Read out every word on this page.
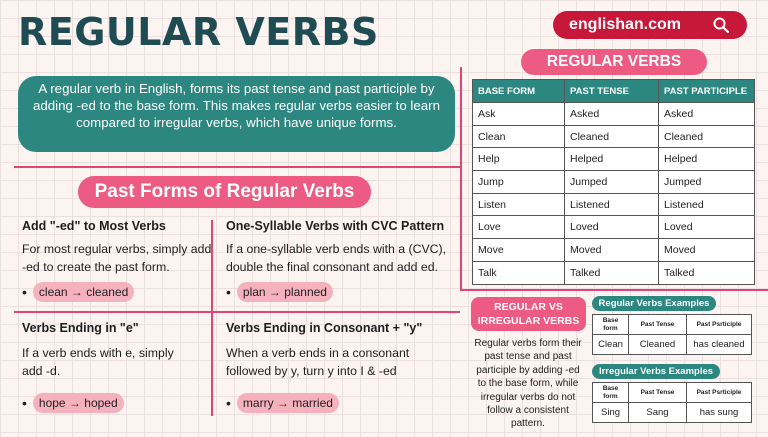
REGULAR VERBS	englishan.com
A regular verb in English, forms its past tense and past participle by adding -ed to the base form. This makes regular verbs easier to learn compared to irregular verbs, which have unique forms.
Past Forms of Regular Verbs
Add "-ed" to Most Verbs
For most regular verbs, simply add -ed to create the past form.
•	clean → cleaned
One-Syllable Verbs with CVC Pattern
If a one-syllable verb ends with a (CVC), double the final consonant and add ed.
•	plan → planned
Verbs Ending in "e"
If a verb ends with e, simply add -d.
•	hope → hoped
Verbs Ending in Consonant + "y"
When a verb ends in a consonant followed by y, turn y into I & -ed
•	marry → married
REGULAR VERBS
BASE FORM	PAST TENSE	PAST PARTICIPLE
Ask	Asked	Asked
Clean	Cleaned	Cleaned
Help	Helped	Helped
Jump	Jumped	Jumped
Listen	Listened	Listened
Love	Loved	Loved
Move	Moved	Moved
Talk	Talked	Talked
REGULAR VS IRREGULAR VERBS
Regular verbs form their past tense and past participle by adding -ed to the base form, while irregular verbs do not follow a consistent pattern.
Regular Verbs Examples
Base form	Past Tense	Past Psrticiple
Clean	Cleaned	has cleaned
Irregular Verbs Examples
Base form	Past Tense	Past Psrticiple
Sing	Sang	has sung
